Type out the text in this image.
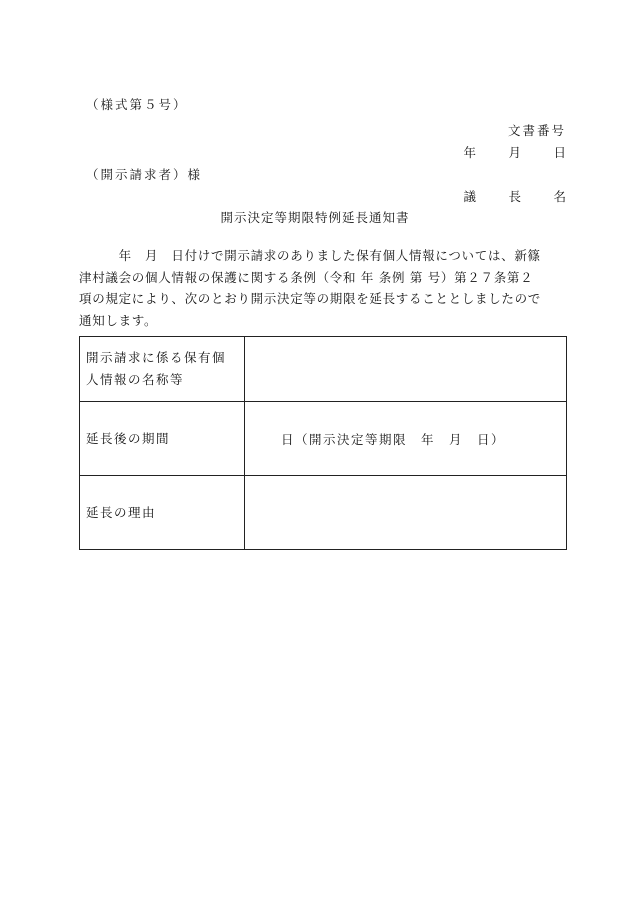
（様式第５号）
文書番号
年　月　日
（開示請求者）様
議　長　名
開示決定等期限特例延長通知書

　　　年　月　日付けで開示請求のありました保有個人情報については、新篠

津村議会の個人情報の保護に関する条例（令和 年 条例 第 号）第２７条第２

項の規定により、次のとおり開示決定等の期限を延長することとしましたので

通知します。

開示請求に係る保有個人情報の名称等	
延長後の期間	日（開示決定等期限　年　月　日）
延長の理由	
